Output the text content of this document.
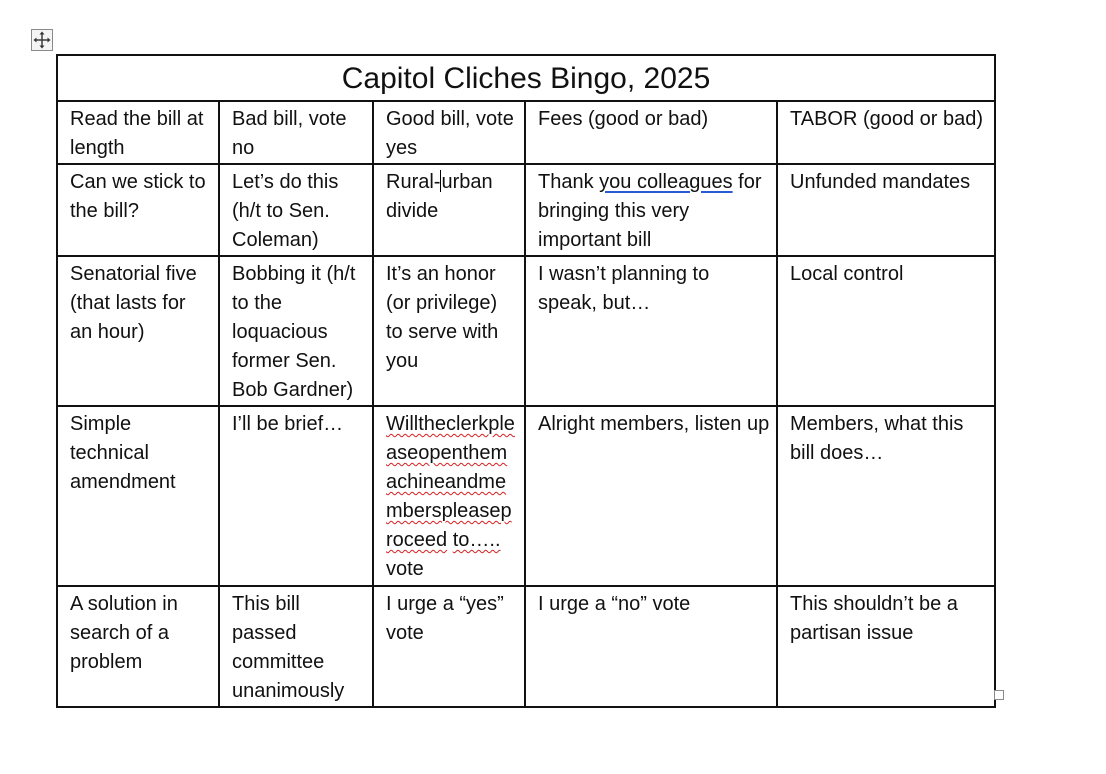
Capitol Cliches Bingo, 2025				

Read the bill at length	Bad bill, vote no	Good bill, vote yes	Fees (good or bad)	TABOR (good or bad)

Can we stick to the bill?	Let’s do this (h/t to Sen. Coleman)	Rural-urban divide	Thank you colleagues for bringing this very important bill	Unfunded mandates

Senatorial five (that lasts for an hour)	Bobbing it (h/t to the loquacious former Sen. Bob Gardner)	It’s an honor (or privilege) to serve with you	I wasn’t planning to speak, but…	Local control

Simple technical amendment	I’ll be brief…	Willtheclerkpleaseopenthemachineandmemberspleaseproceed to…..vote	Alright members, listen up	Members, what this bill does…

A solution in search of a problem	This bill passed committee unanimously	I urge a “yes” vote	I urge a “no” vote	This shouldn’t be a partisan issue
